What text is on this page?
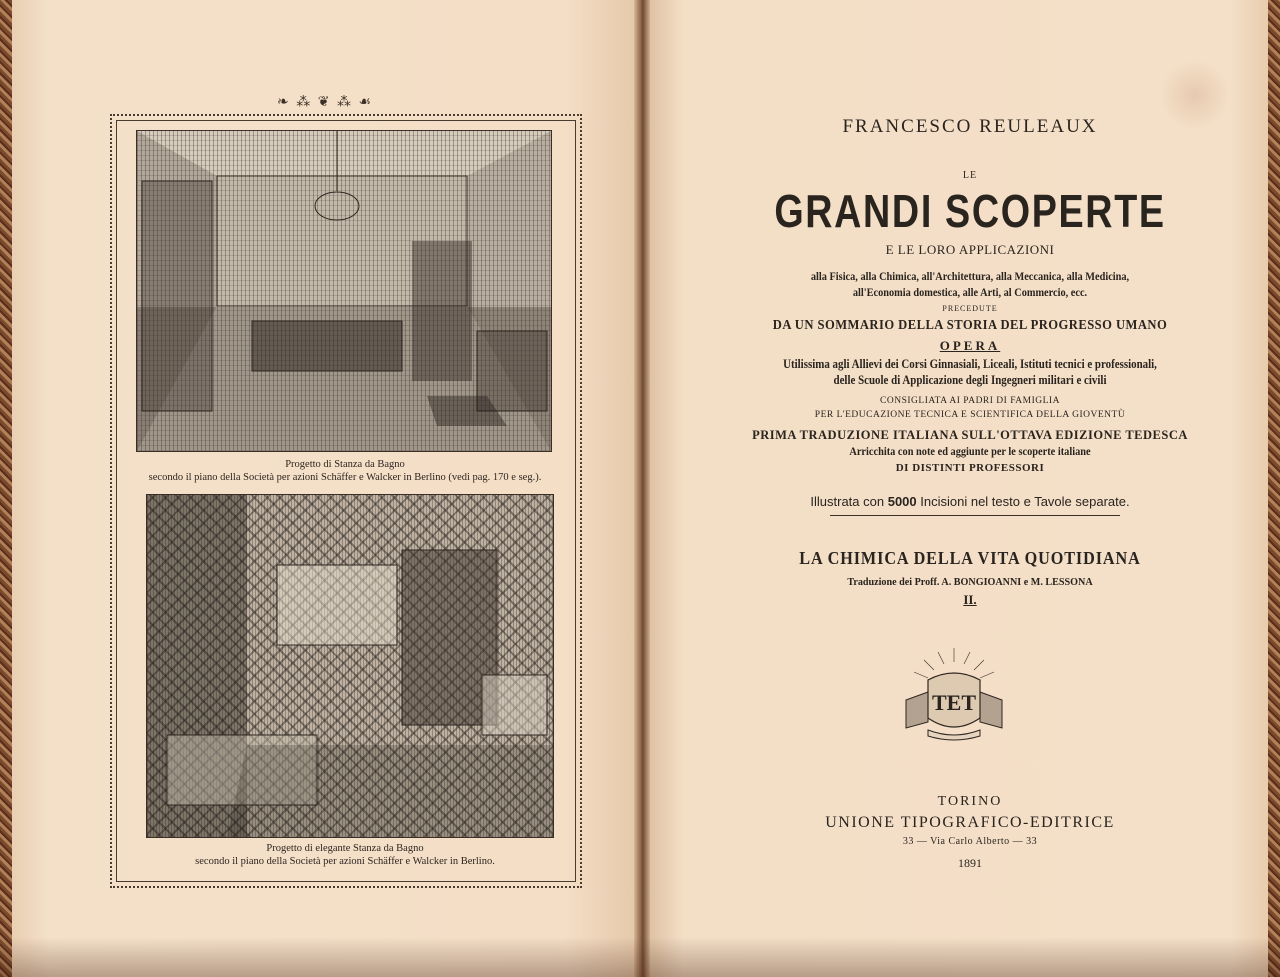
❧ ⁂ ❦ ⁂ ☙
Progetto di Stanza da Bagno
secondo il piano della Società per azioni Schäffer e Walcker in Berlino (vedi pag. 170 e seg.).
Progetto di elegante Stanza da Bagno
secondo il piano della Società per azioni Schäffer e Walcker in Berlino.
FRANCESCO REULEAUX
LE
GRANDI SCOPERTE
E LE LORO APPLICAZIONI
alla Fisica, alla Chimica, all'Architettura, alla Meccanica, alla Medicina,
all'Economia domestica, alle Arti, al Commercio, ecc.
PRECEDUTE
DA UN SOMMARIO DELLA STORIA DEL PROGRESSO UMANO
OPERA
Utilissima agli Allievi dei Corsi Ginnasiali, Liceali, Istituti tecnici e professionali,
delle Scuole di Applicazione degli Ingegneri militari e civili
CONSIGLIATA AI PADRI DI FAMIGLIA
PER L'EDUCAZIONE TECNICA E SCIENTIFICA DELLA GIOVENTÙ
PRIMA TRADUZIONE ITALIANA SULL'OTTAVA EDIZIONE TEDESCA
Arricchita con note ed aggiunte per le scoperte italiane
DI DISTINTI PROFESSORI
Illustrata con 5000 Incisioni nel testo e Tavole separate.
LA CHIMICA DELLA VITA QUOTIDIANA
Traduzione dei Proff. A. BONGIOANNI e M. LESSONA
II.
TET
TORINO
UNIONE TIPOGRAFICO-EDITRICE
33 — Via Carlo Alberto — 33
1891
